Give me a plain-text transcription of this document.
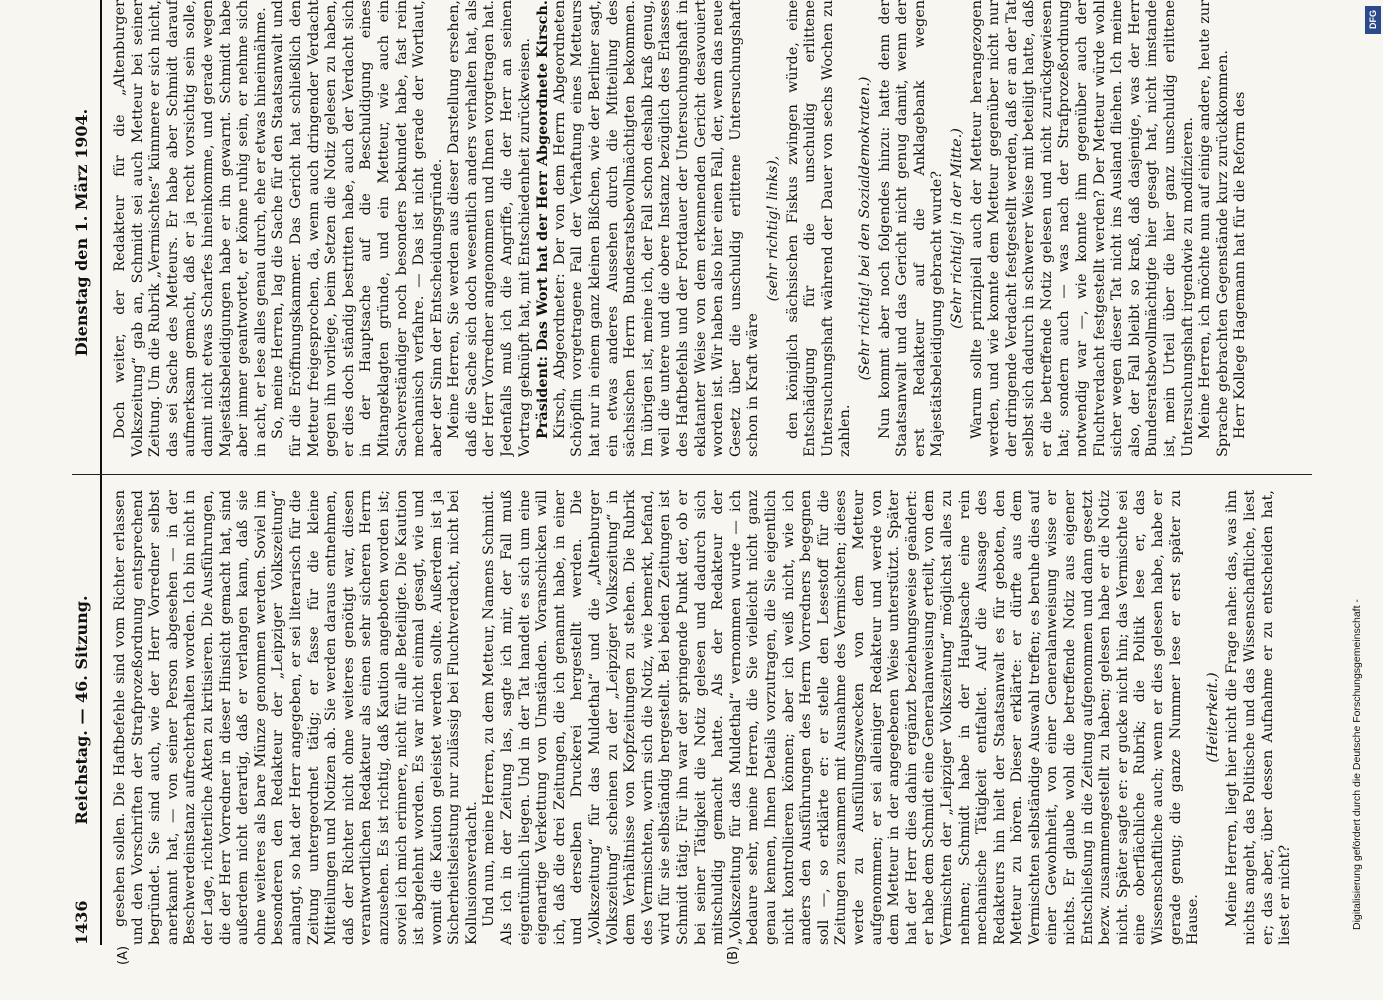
1436
Reichstag. — 46. Sitzung.
Dienstag den 1. März 1904.
(A)	(B)

gesehen sollen. Die Haftbefehle sind vom Richter erlassen und den Vorschriften der Strafprozeßordnung entsprechend begründet. Sie sind auch, wie der Herr Vorredner selbst anerkannt hat, — von seiner Person abgesehen — in der Beschwerdeinstanz aufrechterhalten worden. Ich bin nicht in der Lage, richterliche Akten zu kritisieren. Die Ausführungen, die der Herr Vorredner in dieser Hinsicht gemacht hat, sind außerdem nicht derartig, daß er verlangen kann, daß sie ohne weiteres als bare Münze genommen werden. Soviel im besonderen den Redakteur der „Leipziger Volkszeitung“ anlangt, so hat der Herr angegeben, er sei literarisch für die Zeitung untergeordnet tätig; er fasse für die kleine Mitteilungen und Notizen ab. Sie werden daraus entnehmen, daß der Richter nicht ohne weiteres genötigt war, diesen verantwortlichen Redakteur als einen sehr sicheren Herrn anzusehen. Es ist richtig, daß Kaution angeboten worden ist; soviel ich mich erinnere, nicht für alle Beteiligte. Die Kaution ist abgelehnt worden. Es war nicht einmal gesagt, wie und womit die Kaution geleistet werden sollte. Außerdem ist ja Sicherheitsleistung nur zulässig bei Fluchtverdacht, nicht bei Kollusionsverdacht. Und nun, meine Herren, zu dem Metteur, Namens Schmidt. Als ich in der Zeitung las, sagte ich mir, der Fall muß eigentümlich liegen. Und in der Tat handelt es sich um eine eigenartige Verkettung von Umständen. Voranschicken will ich, daß die drei Zeitungen, die ich genannt habe, in einer und derselben Druckerei hergestellt werden. Die „Volkszeitung“ für das Muldethal“ und die „Altenburger Volkszeitung“ scheinen zu der „Leipziger Volkszeitung“ in dem Verhältnisse von Kopfzeitungen zu stehen. Die Rubrik des Vermischten, worin sich die Notiz, wie bemerkt, befand, wird für sie selbständig hergestellt. Bei beiden Zeitungen ist Schmidt tätig. Für ihn war der springende Punkt der, ob er bei seiner Tätigkeit die Notiz gelesen und dadurch sich mitschuldig gemacht hatte. Als der Redakteur der „Volkszeitung für das Muldethal“ vernommen wurde — ich bedaure sehr, meine Herren, die Sie vielleicht nicht ganz genau kennen, Ihnen Details vorzutragen, die Sie eigentlich nicht kontrollieren können; aber ich weiß nicht, wie ich anders den Ausführungen des Herrn Vorredners begegnen soll —, so erklärte er: er stelle den Lesestoff für die Zeitungen zusammen mit Ausnahme des Vermischten; dieses werde zu Ausfüllungszwecken von dem Metteur aufgenommen; er sei alleiniger Redakteur und werde von dem Metteur in der angegebenen Weise unterstützt. Später hat der Herr dies dahin ergänzt beziehungsweise geändert: er habe dem Schmidt eine Generalanweisung erteilt, von dem Vermischten der „Leipziger Volkszeitung“ möglichst alles zu nehmen; Schmidt habe in der Hauptsache eine rein mechanische Tätigkeit entfaltet. Auf die Aussage des Redakteurs hin hielt der Staatsanwalt es für geboten, den Metteur zu hören. Dieser erklärte: er dürfte aus dem Vermischten selbständige Auswahl treffen; es beruhe dies auf einer Gewohnheit, von einer Generalanweisung wisse er nichts. Er glaube wohl die betreffende Notiz aus eigener Entschließung in die Zeitung aufgenommen und dann gesetzt bezw. zusammengestellt zu haben; gelesen habe er die Notiz nicht. Später sagte er: er gucke nicht hin; das Vermischte sei eine oberflächliche Rubrik; die Politik lese er, das Wissenschaftliche auch; wenn er dies gelesen habe, habe er gerade genug; die ganze Nummer lese er erst später zu Hause.

(Heiterkeit.) Meine Herren, liegt hier nicht die Frage nahe: das, was ihn nichts angeht, das Politische und das Wissenschaftliche, liest er; das aber, über dessen Aufnahme er zu entscheiden hat, liest er nicht?

Doch weiter, der Redakteur für die „Altenburger Volkszeitung“ gab an, Schmidt sei auch Metteur bei seiner Zeitung. Um die Rubrik „Vermischtes“ kümmere er sich nicht, das sei Sache des Metteurs. Er habe aber Schmidt darauf aufmerksam gemacht, daß er ja recht vorsichtig sein solle, damit nicht etwas Scharfes hineinkomme, und gerade wegen Majestätsbeleidigungen habe er ihn gewarnt. Schmidt habe aber immer geantwortet, er könne ruhig sein, er nehme sich in acht, er lese alles genau durch, ehe er etwas hineinnähme. So, meine Herren, lag die Sache für den Staatsanwalt und für die Eröffnungskammer. Das Gericht hat schließlich den Metteur freigesprochen, da, wenn auch dringender Verdacht gegen ihn vorliege, beim Setzen die Notiz gelesen zu haben, er dies doch ständig bestritten habe, auch der Verdacht sich in der Hauptsache auf die Beschuldigung eines Mitangeklagten gründe, und ein Metteur, wie auch ein Sachverständiger noch besonders bekundet habe, fast rein mechanisch verfahre. — Das ist nicht gerade der Wortlaut, aber der Sinn der Entscheidungsgründe. Meine Herren, Sie werden aus dieser Darstellung ersehen, daß die Sache sich doch wesentlich anders verhalten hat, als der Herr Vorredner angenommen und Ihnen vorgetragen hat. Jedenfalls muß ich die Angriffe, die der Herr an seinen Vortrag geknüpft hat, mit Entschiedenheit zurückweisen. Präsident: Das Wort hat der Herr Abgeordnete Kirsch. Kirsch, Abgeordneter: Der von dem Herrn Abgeordneten Schöpflin vorgetragene Fall der Verhaftung eines Metteurs hat nur in einem ganz kleinen Bißchen, wie der Berliner sagt, ein etwas anderes Aussehen durch die Mitteilung des sächsischen Herrn Bundesratsbevollmächtigten bekommen. Im übrigen ist, meine ich, der Fall schon deshalb kraß genug, weil die untere und die obere Instanz bezüglich des Erlasses des Haftbefehls und der Fortdauer der Untersuchungshaft in eklatanter Weise von dem erkennenden Gericht desavouiert worden ist. Wir haben also hier einen Fall, der, wenn das neue Gesetz über die unschuldig erlittene Untersuchungshaft schon in Kraft wäre

(sehr richtig! links), den königlich sächsischen Fiskus zwingen würde, eine Entschädigung für die unschuldig erlittene Untersuchungshaft während der Dauer von sechs Wochen zu zahlen.

(Sehr richtig! bei den Sozialdemokraten.) Nun kommt aber noch folgendes hinzu: hatte denn der Staatsanwalt und das Gericht nicht genug damit, wenn der erst Redakteur auf die Anklagebank wegen Majestätsbeleidigung gebracht wurde? (Sehr richtig! in der Mitte.) Warum sollte prinzipiell auch der Metteur herangezogen werden, und wie konnte dem Metteur gegenüber nicht nur der dringende Verdacht festgestellt werden, daß er an der Tat selbst sich dadurch in schwerer Weise mit beteiligt hatte, daß er die betreffende Notiz gelesen und nicht zurückgewiesen hat; sondern auch — was nach der Strafprozeßordnung notwendig war —, wie konnte ihm gegenüber auch der Fluchtverdacht festgestellt werden? Der Metteur würde wohl sicher wegen dieser Tat nicht ins Ausland fliehen. Ich meine also, der Fall bleibt so kraß, daß dasjenige, was der Herr Bundesratsbevollmächtigte hier gesagt hat, nicht imstande ist, mein Urteil über die hier ganz unschuldig erlittene Untersuchungshaft irgendwie zu modifizieren. Meine Herren, ich möchte nun auf einige andere, heute zur Sprache gebrachten Gegenstände kurz zurückkommen. Herr Kollege Hagemann hat für die Reform des

Digitalisierung gefördert durch die Deutsche Forschungsgemeinschaft -
DFG
